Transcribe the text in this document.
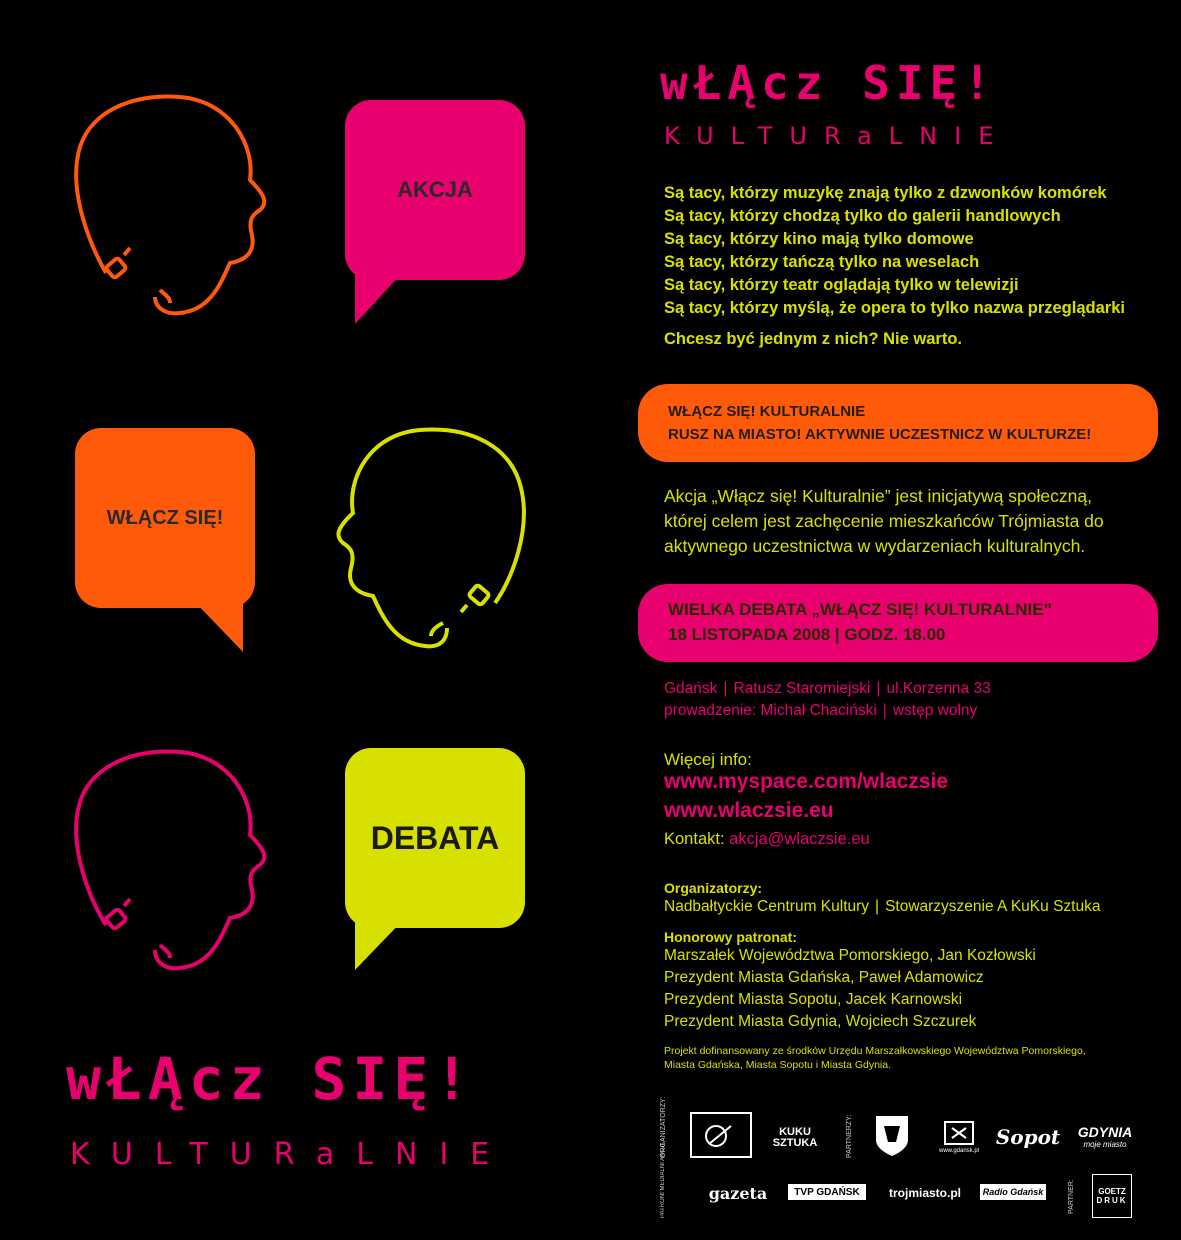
AKCJA
WŁĄCZ SIĘ!
DEBATA
wŁĄcz SIĘ!
KULTURaLNIE
wŁĄcz SIĘ!
KULTURaLNIE

Są tacy, którzy muzykę znają tylko z dzwonków komórek

Są tacy, którzy chodzą tylko do galerii handlowych

Są tacy, którzy kino mają tylko domowe

Są tacy, którzy tańczą tylko na weselach

Są tacy, którzy teatr oglądają tylko w telewizji

Są tacy, którzy myślą, że opera to tylko nazwa przeglądarki

Chcesz być jednym z nich? Nie warto.

WŁĄCZ SIĘ! KULTURALNIE

RUSZ NA MIASTO! AKTYWNIE UCZESTNICZ W KULTURZE!

Akcja „Włącz się! Kulturalnie” jest inicjatywą społeczną,

której celem jest zachęcenie mieszkańców Trójmiasta do

aktywnego uczestnictwa w wydarzeniach kulturalnych.

WIELKA DEBATA „WŁĄCZ SIĘ! KULTURALNIE”

18 LISTOPADA 2008 | GODZ. 18.00

Gdańsk | Ratusz Staromiejski | ul.Korzenna 33

prowadzenie: Michał Chaciński | wstęp wolny

Więcej info:
www.myspace.com/wlaczsie
www.wlaczsie.eu
Kontakt: akcja@wlaczsie.eu

Organizatorzy:

Nadbałtyckie Centrum Kultury | Stowarzyszenie A KuKu Sztuka

Honorowy patronat:

Marszałek Województwa Pomorskiego, Jan Kozłowski

Prezydent Miasta Gdańska, Paweł Adamowicz

Prezydent Miasta Sopotu, Jacek Karnowski

Prezydent Miasta Gdynia, Wojciech Szczurek

Projekt dofinansowany ze środków Urzędu Marszałkowskiego Województwa Pomorskiego,

Miasta Gdańska, Miasta Sopotu i Miasta Gdynia.

ORGANIZATORZY:	KUKU SZTUKA	PARTNERZY:	www.gdansk.pl
Sopot GDYNIA
moje miasto
PATRONI MEDIALNI AKCJI:	gazeta	TVP GDAŃSK	trojmiasto.pl	Radio Gdańsk	PARTNER:	GOETZ
DRUK
